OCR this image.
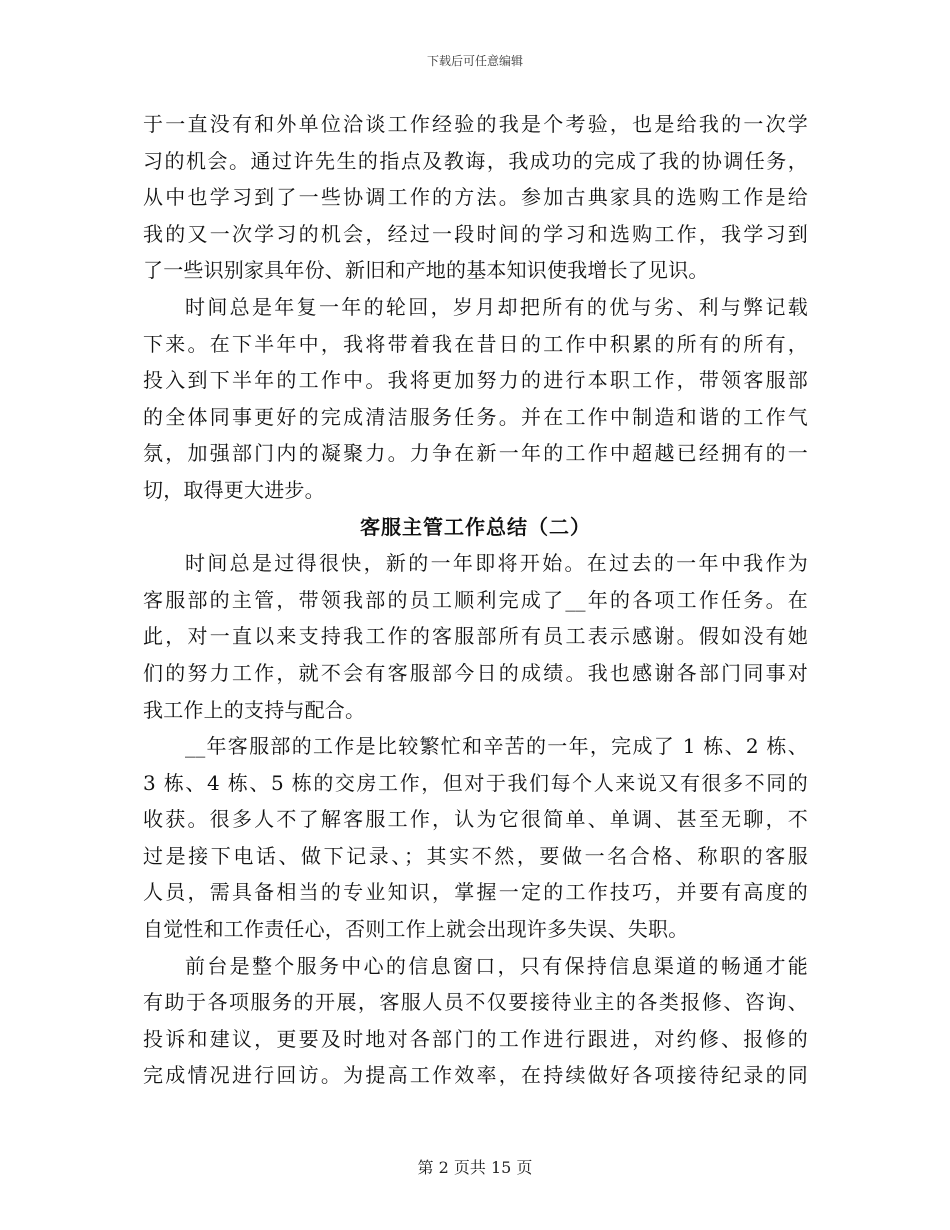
下载后可任意编辑
于一直没有和外单位洽谈工作经验的我是个考验，也是给我的一次学
习的机会。通过许先生的指点及教诲，我成功的完成了我的协调任务，
从中也学习到了一些协调工作的方法。参加古典家具的选购工作是给
我的又一次学习的机会，经过一段时间的学习和选购工作，我学习到
了一些识别家具年份、新旧和产地的基本知识使我增长了见识。
时间总是年复一年的轮回，岁月却把所有的优与劣、利与弊记载
下来。在下半年中，我将带着我在昔日的工作中积累的所有的所有，
投入到下半年的工作中。我将更加努力的进行本职工作，带领客服部
的全体同事更好的完成清洁服务任务。并在工作中制造和谐的工作气
氛，加强部门内的凝聚力。力争在新一年的工作中超越已经拥有的一
切，取得更大进步。
客服主管工作总结（二）
时间总是过得很快，新的一年即将开始。在过去的一年中我作为
客服部的主管，带领我部的员工顺利完成了__年的各项工作任务。在
此，对一直以来支持我工作的客服部所有员工表示感谢。假如没有她
们的努力工作，就不会有客服部今日的成绩。我也感谢各部门同事对
我工作上的支持与配合。
__年客服部的工作是比较繁忙和辛苦的一年，完成了 1 栋、2 栋、
3 栋、4 栋、5 栋的交房工作，但对于我们每个人来说又有很多不同的
收获。很多人不了解客服工作，认为它很简单、单调、甚至无聊，不
过是接下电话、做下记录、；其实不然，要做一名合格、称职的客服
人员，需具备相当的专业知识，掌握一定的工作技巧，并要有高度的
自觉性和工作责任心，否则工作上就会出现许多失误、失职。
前台是整个服务中心的信息窗口，只有保持信息渠道的畅通才能
有助于各项服务的开展，客服人员不仅要接待业主的各类报修、咨询、
投诉和建议，更要及时地对各部门的工作进行跟进，对约修、报修的
完成情况进行回访。为提高工作效率，在持续做好各项接待纪录的同
第 2 页共 15 页
